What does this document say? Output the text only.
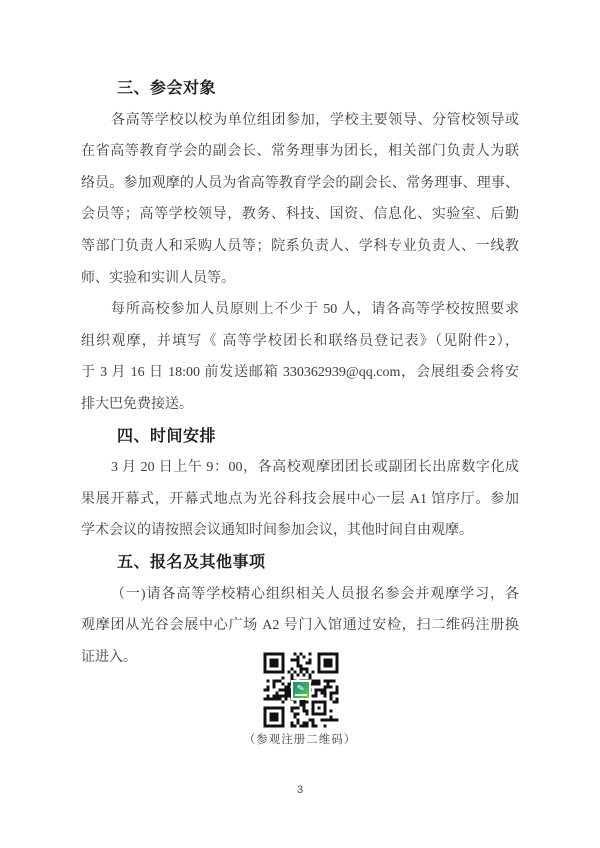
三、参会对象
各高等学校以校为单位组团参加，学校主要领导、分管校领导或
在省高等教育学会的副会长、常务理事为团长，相关部门负责人为联
络员。参加观摩的人员为省高等教育学会的副会长、常务理事、理事、
会员等；高等学校领导，教务、科技、国资、信息化、实验室、后勤
等部门负责人和采购人员等；院系负责人、学科专业负责人、一线教
师、实验和实训人员等。
每所高校参加人员原则上不少于 50 人，请各高等学校按照要求
组织观摩，并填写《 高等学校团长和联络员登记表》（见附件2），
于 3 月 16 日 18:00 前发送邮箱 330362939@qq.com，会展组委会将安
排大巴免费接送。
四、时间安排
3 月 20 日上午 9：00，各高校观摩团团长或副团长出席数字化成
果展开幕式，开幕式地点为光谷科技会展中心一层 A1 馆序厅。参加
学术会议的请按照会议通知时间参加会议，其他时间自由观摩。
五、报名及其他事项
（一)请各高等学校精心组织相关人员报名参会并观摩学习，各
观摩团从光谷会展中心广场 A2 号门入馆通过安检，扫二维码注册换
证进入。
✎
（参观注册二维码）
3
